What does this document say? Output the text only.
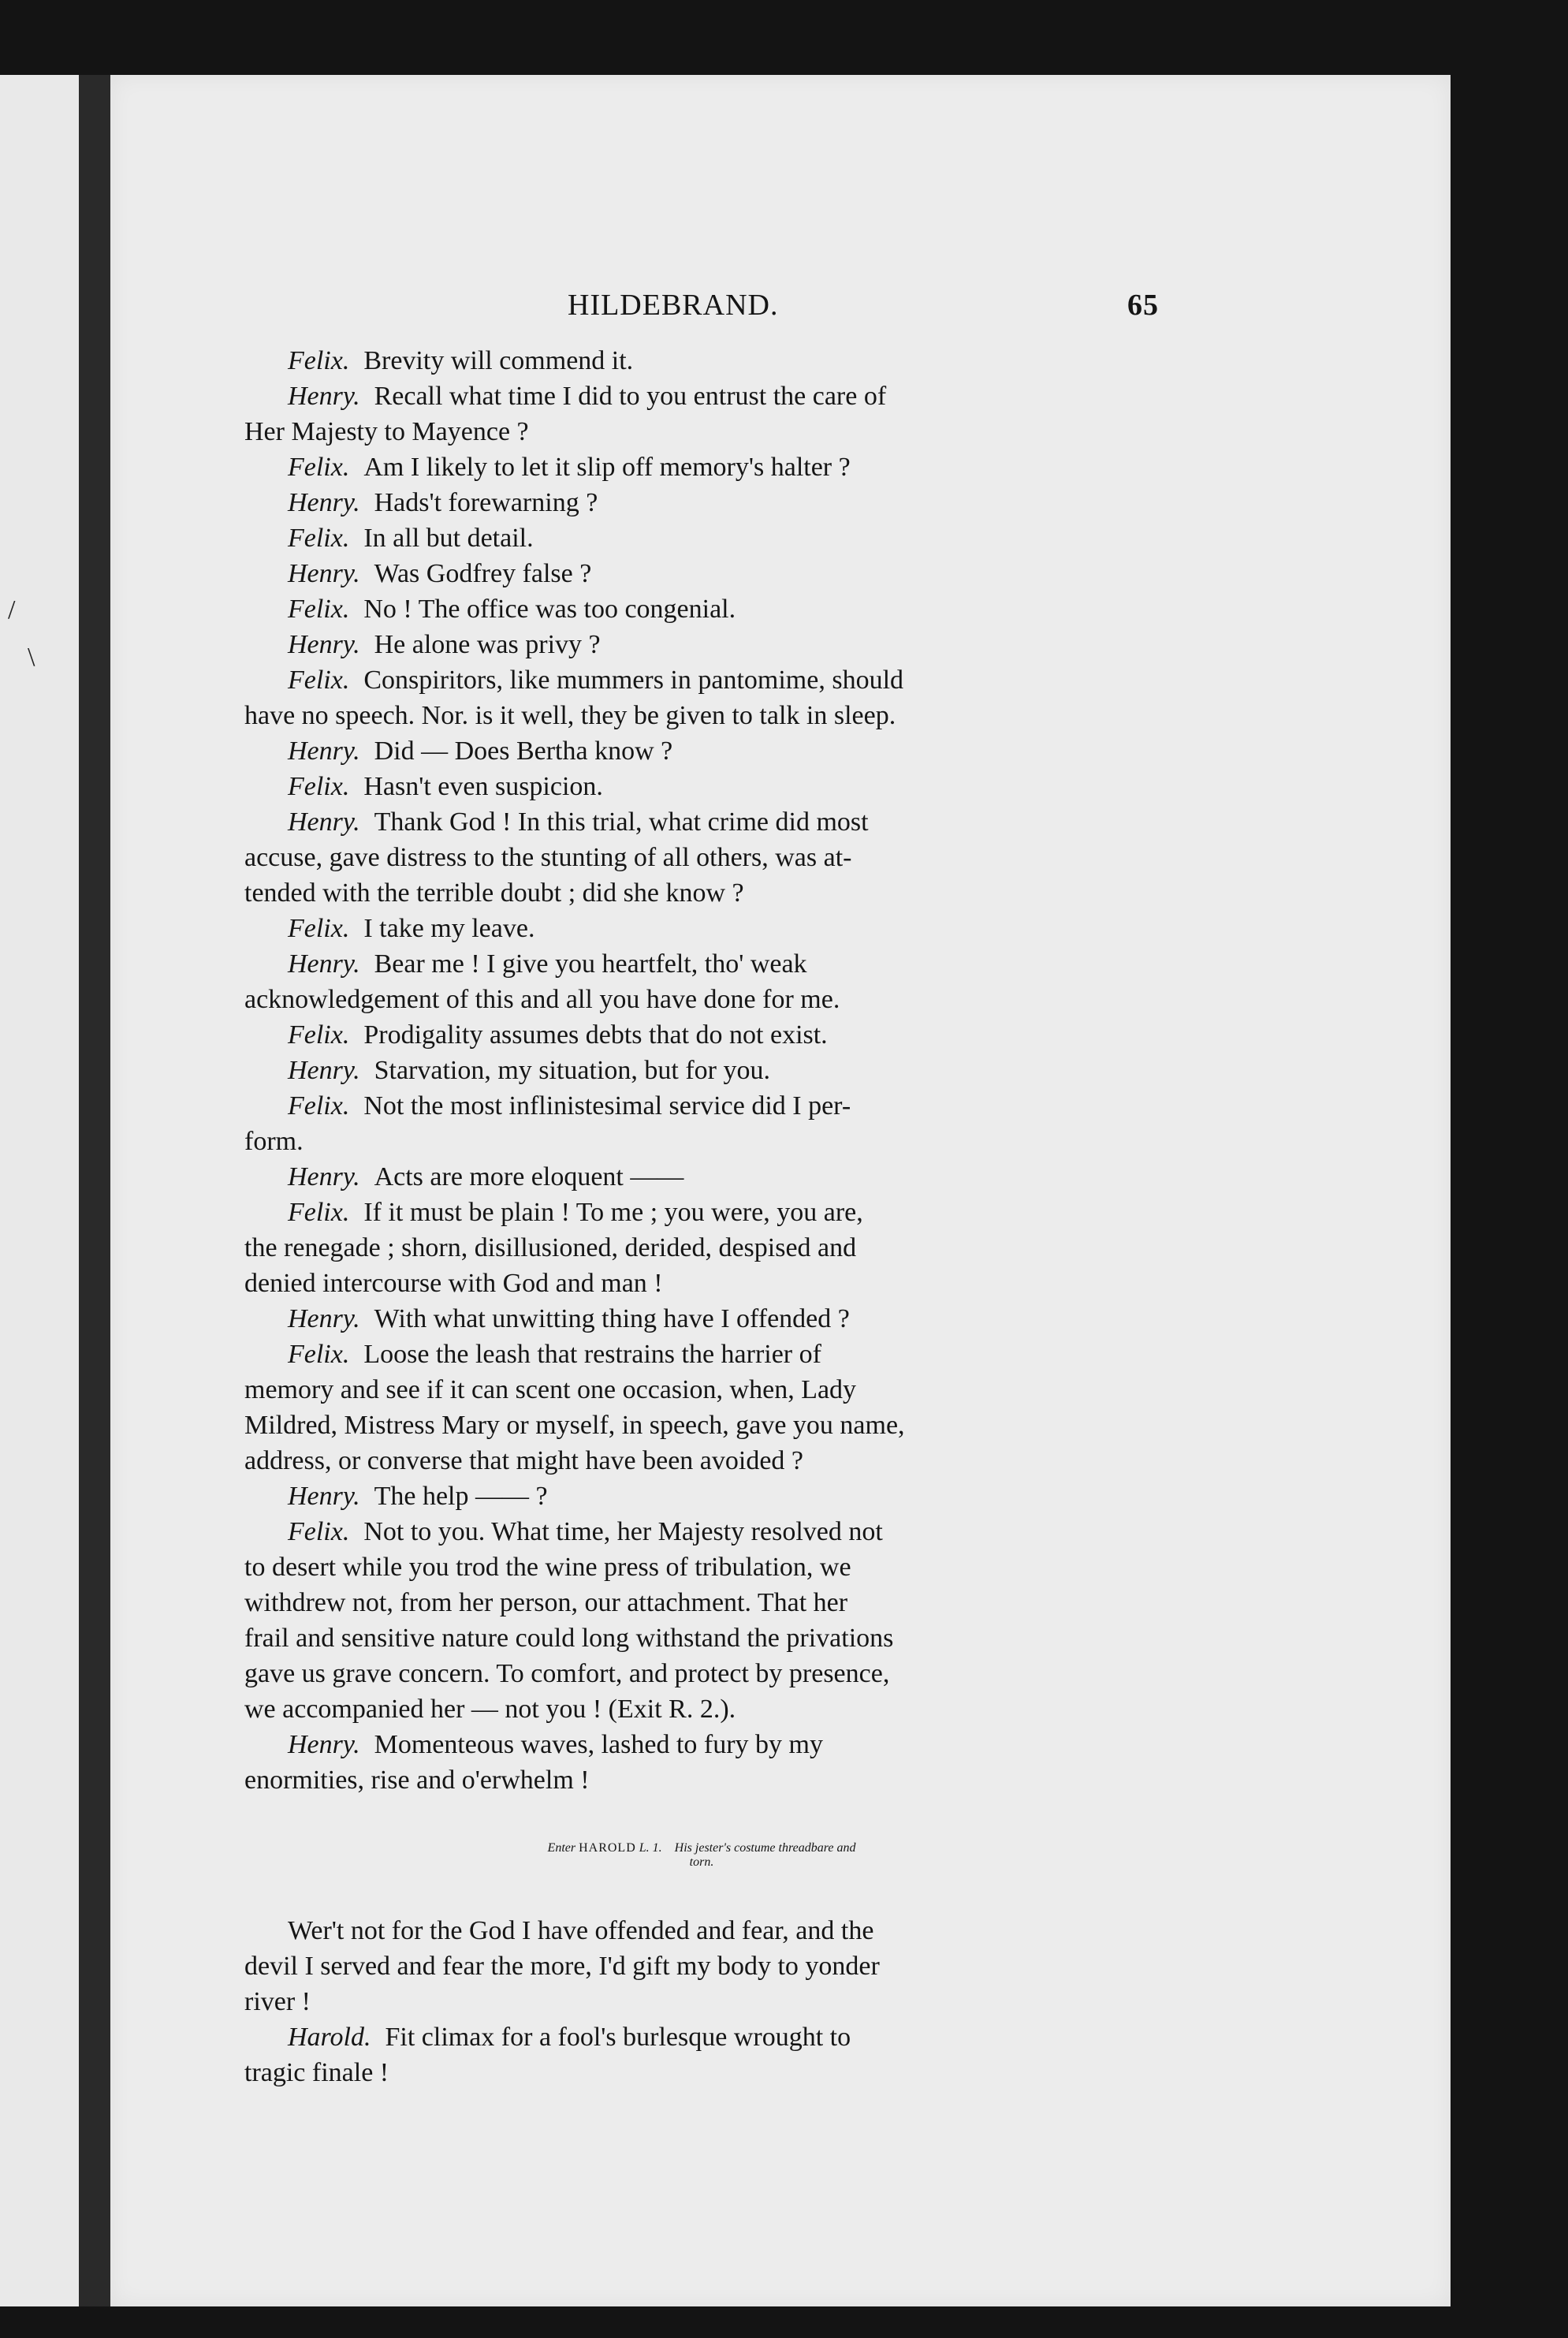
/
\
HILDEBRAND.	65

Felix. Brevity will commend it.

Henry. Recall what time I did to you entrust the care of

Her Majesty to Mayence ?

Felix. Am I likely to let it slip off memory's halter ?

Henry. Hads't forewarning ?

Felix. In all but detail.

Henry. Was Godfrey false ?

Felix. No ! The office was too congenial.

Henry. He alone was privy ?

Felix. Conspiritors, like mummers in pantomime, should

have no speech. Nor. is it well, they be given to talk in sleep.

Henry. Did — Does Bertha know ?

Felix. Hasn't even suspicion.

Henry. Thank God ! In this trial, what crime did most

accuse, gave distress to the stunting of all others, was at-

tended with the terrible doubt ; did she know ?

Felix. I take my leave.

Henry. Bear me ! I give you heartfelt, tho' weak

acknowledgement of this and all you have done for me.

Felix. Prodigality assumes debts that do not exist.

Henry. Starvation, my situation, but for you.

Felix. Not the most inflinistesimal service did I per-

form.

Henry. Acts are more eloquent ——

Felix. If it must be plain ! To me ; you were, you are,

the renegade ; shorn, disillusioned, derided, despised and

denied intercourse with God and man !

Henry. With what unwitting thing have I offended ?

Felix. Loose the leash that restrains the harrier of

memory and see if it can scent one occasion, when, Lady

Mildred, Mistress Mary or myself, in speech, gave you name,

address, or converse that might have been avoided ?

Henry. The help —— ?

Felix. Not to you. What time, her Majesty resolved not

to desert while you trod the wine press of tribulation, we

withdrew not, from her person, our attachment. That her

frail and sensitive nature could long withstand the privations

gave us grave concern. To comfort, and protect by presence,

we accompanied her — not you ! (Exit R. 2.).

Henry. Momenteous waves, lashed to fury by my

enormities, rise and o'erwhelm !

Enter HAROLD L. 1. His jester's costume threadbare and
torn.

Wer't not for the God I have offended and fear, and the

devil I served and fear the more, I'd gift my body to yonder

river !

Harold. Fit climax for a fool's burlesque wrought to

tragic finale !
